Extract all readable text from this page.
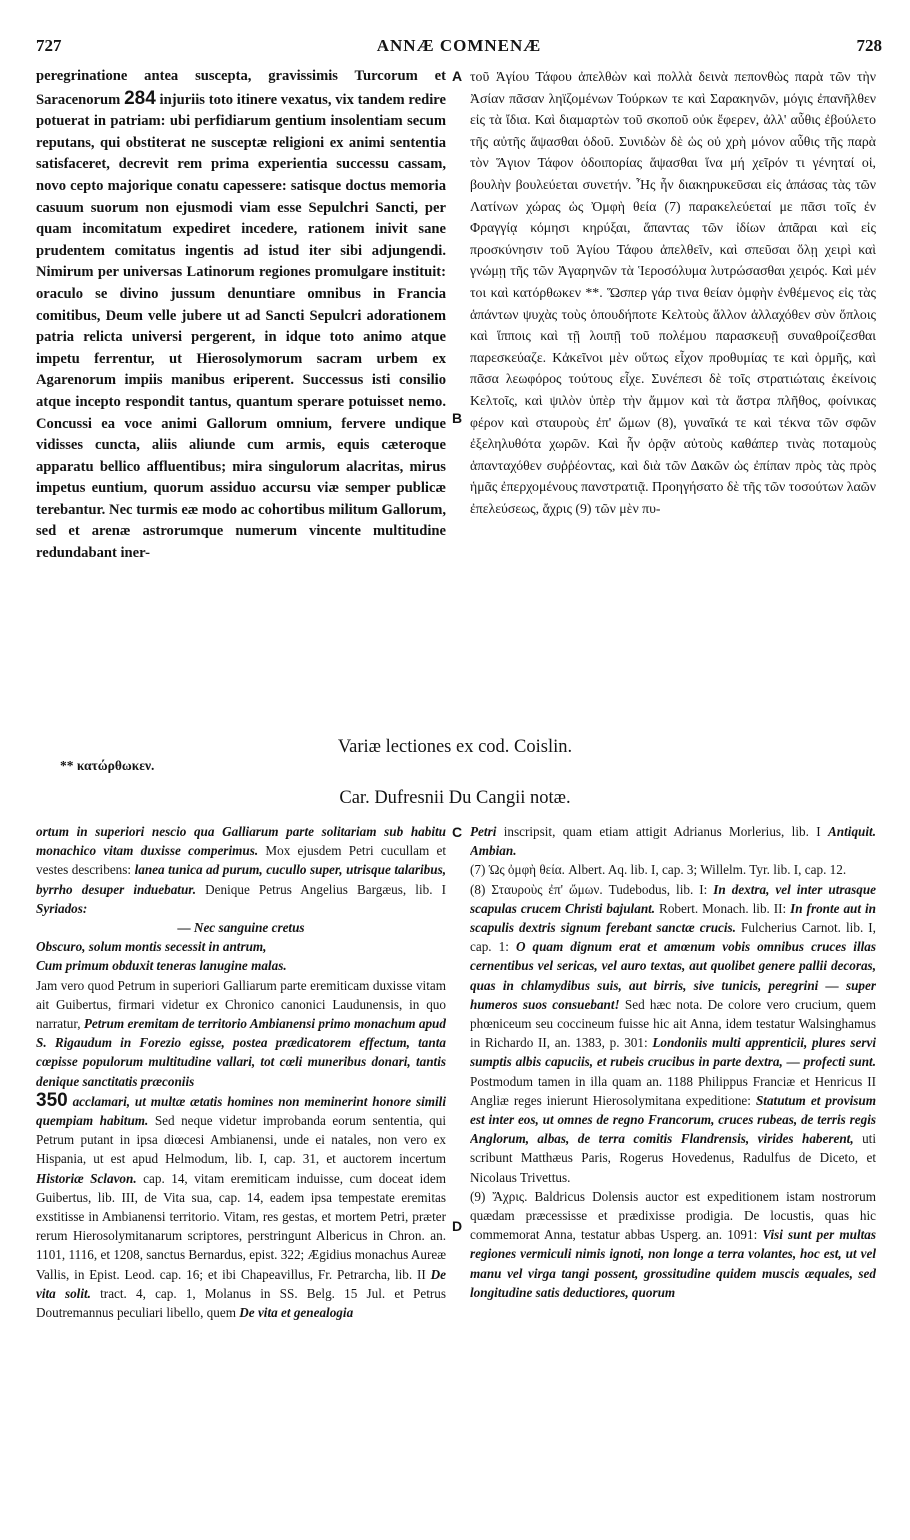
727	ANNÆ COMNENÆ	728
A
B
C
D

peregrinatione antea suscepta, gravissimis Turcorum et Saracenorum 284 injuriis toto itinere vexatus, vix tandem redire potuerat in patriam: ubi perfidiarum gentium insolentiam secum reputans, qui obstiterat ne susceptæ religioni ex animi sententia satisfaceret, decrevit rem prima experientia successu cassam, novo cepto majorique conatu capessere: satisque doctus memoria casuum suorum non ejusmodi viam esse Sepulchri Sancti, per quam incomitatum expediret incedere, rationem inivit sane prudentem comitatus ingentis ad istud iter sibi adjungendi. Nimirum per universas Latinorum regiones promulgare instituit: oraculo se divino jussum denuntiare omnibus in Francia comitibus, Deum velle jubere ut ad Sancti Sepulcri adorationem patria relicta universi pergerent, in idque toto animo atque impetu ferrentur, ut Hierosolymorum sacram urbem ex Agarenorum impiis manibus eriperent. Successus isti consilio atque incepto respondit tantus, quantum sperare potuisset nemo. Concussi ea voce animi Gallorum omnium, fervere undique vidisses cuncta, aliis aliunde cum armis, equis cæteroque apparatu bellico affluentibus; mira singulorum alacritas, mirus impetus euntium, quorum assiduo accursu viæ semper publicæ terebantur. Nec turmis eæ modo ac cohortibus militum Gallorum, sed et arenæ astrorumque numerum vincente multitudine redundabant iner-

τοῦ Ἁγίου Τάφου ἀπελθὼν καὶ πολλὰ δεινὰ πεπονθὼς παρὰ τῶν τὴν Ἀσίαν πᾶσαν ληϊζομένων Τούρκων τε καὶ Σαρακηνῶν, μόγις ἐπανῆλθεν εἰς τὰ ἴδια. Καὶ διαμαρτὼν τοῦ σκοποῦ οὐκ ἔφερεν, ἀλλ' αὖθις ἐβούλετο τῆς αὐτῆς ἅψασθαι ὁδοῦ. Συνιδὼν δὲ ὡς οὐ χρὴ μόνον αὖθις τῆς παρὰ τὸν Ἅγιον Τάφον ὁδοιπορίας ἅψασθαι ἵνα μή χεῖρόν τι γένηταί οἱ, βουλὴν βουλεύεται συνετήν. Ἦς ἦν διακηρυκεῦσαι εἰς ἁπάσας τὰς τῶν Λατίνων χώρας ὡς Ὀμφὴ θεία (7) παρακελεύεταί με πᾶσι τοῖς ἐν Φραγγίᾳ κόμησι κηρύξαι, ἅπαντας τῶν ἰδίων ἀπᾶραι καὶ εἰς προσκύνησιν τοῦ Ἁγίου Τάφου ἀπελθεῖν, καὶ σπεῦσαι ὅλῃ χειρὶ καὶ γνώμῃ τῆς τῶν Ἀγαρηνῶν τὰ Ἱεροσόλυμα λυτρώσασθαι χειρός. Καὶ μέν τοι καὶ κατόρθωκεν **. Ὥσπερ γάρ τινα θείαν ὀμφὴν ἐνθέμενος εἰς τὰς ἁπάντων ψυχὰς τοὺς ὁπουδήποτε Κελτοὺς ἄλλον ἀλλαχόθεν σὺν ὅπλοις καὶ ἵπποις καὶ τῇ λοιπῇ τοῦ πολέμου παρασκευῇ συναθροίζεσθαι παρεσκεύαζε. Κἀκεῖνοι μὲν οὕτως εἶχον προθυμίας τε καὶ ὁρμῆς, καὶ πᾶσα λεωφόρος τούτους εἶχε. Συνέπεσι δὲ τοῖς στρατιώταις ἐκείνοις Κελτοῖς, καὶ ψιλὸν ὑπὲρ τὴν ἄμμον καὶ τὰ ἄστρα πλῆθος, φοίνικας φέρον καὶ σταυροὺς ἐπ' ὤμων (8), γυναῖκά τε καὶ τέκνα τῶν σφῶν ἐξεληλυθότα χωρῶν. Καὶ ἦν ὁρᾷν αὐτοὺς καθάπερ τινὰς ποταμοὺς ἁπανταχόθεν συῤῥέοντας, καὶ διὰ τῶν Δακῶν ὡς ἐπίπαν πρὸς τὰς πρὸς ἡμᾶς ἐπερχομένους πανστρατιᾷ. Προηγήσατο δὲ τῆς τῶν τοσούτων λαῶν ἐπελεύσεως, ἄχρις (9) τῶν μὲν πυ-

Variæ lectiones ex cod. Coislin.
** κατώρθωκεν.
Car. Dufresnii Du Cangii notæ.

ortum in superiori nescio qua Galliarum parte solitariam sub habitu monachico vitam duxisse comperimus. Mox ejusdem Petri cucullam et vestes describens: lanea tunica ad purum, cucullo super, utrisque talaribus, byrrho desuper induebatur. Denique Petrus Angelius Bargæus, lib. I Syriados:

— Nec sanguine cretus

Obscuro, solum montis secessit in antrum,

Cum primum obduxit teneras lanugine malas.

Jam vero quod Petrum in superiori Galliarum parte eremiticam duxisse vitam ait Guibertus, firmari videtur ex Chronico canonici Laudunensis, in quo narratur, Petrum eremitam de territorio Ambianensi primo monachum apud S. Rigaudum in Forezio egisse, postea prædicatorem effectum, tanta cœpisse populorum multitudine vallari, tot cœli muneribus donari, tantis denique sanctitatis præconiis
350 acclamari, ut multæ ætatis homines non meminerint honore simili quempiam habitum. Sed neque videtur improbanda eorum sententia, qui Petrum putant in ipsa diœcesi Ambianensi, unde ei natales, non vero ex Hispania, ut est apud Helmodum, lib. I, cap. 31, et auctorem incertum Historiæ Sclavon. cap. 14, vitam eremiticam induisse, cum doceat idem Guibertus, lib. III, de Vita sua, cap. 14, eadem ipsa tempestate eremitas exstitisse in Ambianensi territorio. Vitam, res gestas, et mortem Petri, præter rerum Hierosolymitanarum scriptores, perstringunt Albericus in Chron. an. 1101, 1116, et 1208, sanctus Bernardus, epist. 322; Ægidius monachus Aureæ Vallis, in Epist. Leod. cap. 16; et ibi Chapeavillus, Fr. Petrarcha, lib. II De vita solit. tract. 4, cap. 1, Molanus in SS. Belg. 15 Jul. et Petrus Doutremannus peculiari libello, quem De vita et genealogia

Petri inscripsit, quam etiam attigit Adrianus Morlerius, lib. I Antiquit. Ambian.

(7) Ὡς ὀμφὴ θεία. Albert. Aq. lib. I, cap. 3; Willelm. Tyr. lib. I, cap. 12.

(8) Σταυροὺς ἐπ' ὤμων. Tudebodus, lib. I: In dextra, vel inter utrasque scapulas crucem Christi bajulant. Robert. Monach. lib. II: In fronte aut in scapulis dextris signum ferebant sanctæ crucis. Fulcherius Carnot. lib. I, cap. 1: O quam dignum erat et amœnum vobis omnibus cruces illas cernentibus vel sericas, vel auro textas, aut quolibet genere pallii decoras, quas in chlamydibus suis, aut birris, sive tunicis, peregrini — super humeros suos consuebant! Sed hæc nota. De colore vero crucium, quem phœniceum seu coccineum fuisse hic ait Anna, idem testatur Walsinghamus in Richardo II, an. 1383, p. 301: Londoniis multi apprenticii, plures servi sumptis albis capuciis, et rubeis crucibus in parte dextra, — profecti sunt. Postmodum tamen in illa quam an. 1188 Philippus Franciæ et Henricus II Angliæ reges inierunt Hierosolymitana expeditione: Statutum et provisum est inter eos, ut omnes de regno Francorum, cruces rubeas, de terris regis Anglorum, albas, de terra comitis Flandrensis, virides haberent, uti scribunt Matthæus Paris, Rogerus Hovedenus, Radulfus de Diceto, et Nicolaus Trivettus.

(9) Ἄχρις. Baldricus Dolensis auctor est expeditionem istam nostrorum quædam præcessisse et prædixisse prodigia. De locustis, quas hic commemorat Anna, testatur abbas Usperg. an. 1091: Visi sunt per multas regiones vermiculi nimis ignoti, non longe a terra volantes, hoc est, ut vel manu vel virga tangi possent, grossitudine quidem muscis æquales, sed longitudine satis deductiores, quorum
